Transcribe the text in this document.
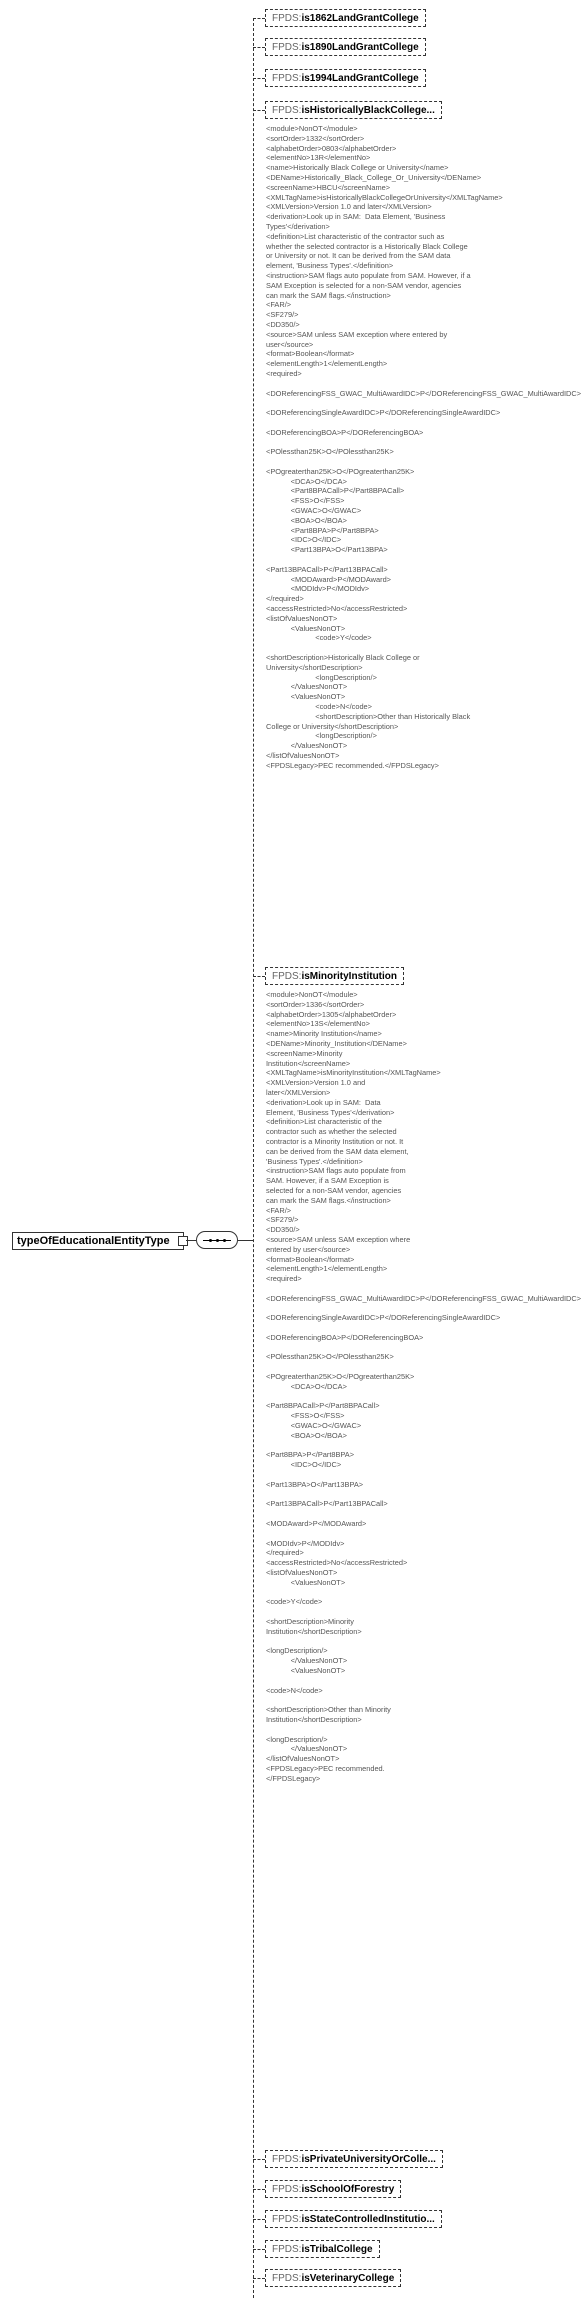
typeOfEducationalEntityType
FPDS: is1862LandGrantCollege
FPDS: is1890LandGrantCollege
FPDS: is1994LandGrantCollege
FPDS: isHistoricallyBlackCollege...
<module>NonOT</module>
<sortOrder>1332</sortOrder>
<alphabetOrder>0803</alphabetOrder>
<elementNo>13R</elementNo>
<name>Historically Black College or University</name>
<DEName>Historically_Black_College_Or_University</DEName>
<screenName>HBCU</screenName>
<XMLTagName>isHistoricallyBlackCollegeOrUniversity</XMLTagName>
<XMLVersion>Version 1.0 and later</XMLVersion>
<derivation>Look up in SAM:  Data Element, 'Business Types'</derivation>
<definition>List characteristic of the contractor such as whether the selected contractor is a Historically Black College or University or not. It can be derived from the SAM data element, 'Business Types'.</definition>
<instruction>SAM flags auto populate from SAM. However, if a SAM Exception is selected for a non-SAM vendor, agencies can mark the SAM flags.</instruction>
<FAR/>
<SF279/>
<DD350/>
<source>SAM unless SAM exception where entered by user</source>
<format>Boolean</format>
<elementLength>1</elementLength>
<required>

<DOReferencingFSS_GWAC_MultiAwardIDC>P</DOReferencingFSS_GWAC_MultiAwardIDC>

<DOReferencingSingleAwardIDC>P</DOReferencingSingleAwardIDC>

<DOReferencingBOA>P</DOReferencingBOA>

<POlessthan25K>O</POlessthan25K>

<POgreaterthan25K>O</POgreaterthan25K>
<DCA>O</DCA>
<Part8BPACall>P</Part8BPACall>
<FSS>O</FSS>
<GWAC>O</GWAC>
<BOA>O</BOA>
<Part8BPA>P</Part8BPA>
<IDC>O</IDC>
<Part13BPA>O</Part13BPA>

<Part13BPACall>P</Part13BPACall>
<MODAward>P</MODAward>
<MODIdv>P</MODIdv>
</required>
<accessRestricted>No</accessRestricted>
<listOfValuesNonOT>
<ValuesNonOT>
<code>Y</code>

<shortDescription>Historically Black College or University</shortDescription>
<longDescription/>
</ValuesNonOT>
<ValuesNonOT>
<code>N</code>
<shortDescription>Other than Historically Black College or University</shortDescription>
<longDescription/>
</ValuesNonOT>
</listOfValuesNonOT>
<FPDSLegacy>PEC recommended.</FPDSLegacy>
FPDS: isMinorityInstitution
<module>NonOT</module>
<sortOrder>1336</sortOrder>
<alphabetOrder>1305</alphabetOrder>
<elementNo>13S</elementNo>
<name>Minority Institution</name>
<DEName>Minority_Institution</DEName>
<screenName>Minority Institution</screenName>
<XMLTagName>isMinorityInstitution</XMLTagName>
<XMLVersion>Version 1.0 and later</XMLVersion>
<derivation>Look up in SAM:  Data Element, 'Business Types'</derivation>
<definition>List characteristic of the contractor such as whether the selected contractor is a Minority Institution or not. It can be derived from the SAM data element, 'Business Types'.</definition>
<instruction>SAM flags auto populate from SAM. However, if a SAM Exception is selected for a non-SAM vendor, agencies can mark the SAM flags.</instruction>
<FAR/>
<SF279/>
<DD350/>
<source>SAM unless SAM exception where entered by user</source>
<format>Boolean</format>
<elementLength>1</elementLength>
<required>

<DOReferencingFSS_GWAC_MultiAwardIDC>P</DOReferencingFSS_GWAC_MultiAwardIDC>

<DOReferencingSingleAwardIDC>P</DOReferencingSingleAwardIDC>

<DOReferencingBOA>P</DOReferencingBOA>

<POlessthan25K>O</POlessthan25K>

<POgreaterthan25K>O</POgreaterthan25K>
<DCA>O</DCA>

<Part8BPACall>P</Part8BPACall>
<FSS>O</FSS>
<GWAC>O</GWAC>
<BOA>O</BOA>

<Part8BPA>P</Part8BPA>
<IDC>O</IDC>

<Part13BPA>O</Part13BPA>

<Part13BPACall>P</Part13BPACall>

<MODAward>P</MODAward>

<MODIdv>P</MODIdv>
</required>
<accessRestricted>No</accessRestricted>
<listOfValuesNonOT>
<ValuesNonOT>

<code>Y</code>

<shortDescription>Minority Institution</shortDescription>

<longDescription/>
</ValuesNonOT>
<ValuesNonOT>

<code>N</code>

<shortDescription>Other than Minority Institution</shortDescription>

<longDescription/>
</ValuesNonOT>
</listOfValuesNonOT>
<FPDSLegacy>PEC recommended.</FPDSLegacy>
FPDS: isPrivateUniversityOrColle...
FPDS: isSchoolOfForestry
FPDS: isStateControlledInstitutio...
FPDS: isTribalCollege
FPDS: isVeterinaryCollege
